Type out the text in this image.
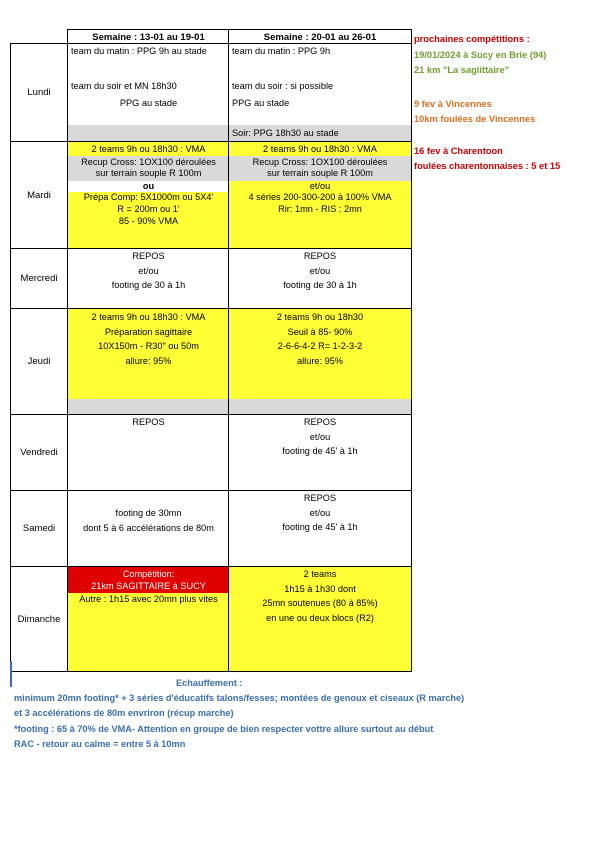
Semaine : 13-01 au 19-01	Semaine : 20-01 au 26-01
Lundi
team du matin : PPG 9h au stade
team du soir et MN 18h30
PPG au stade
team du matin : PPG 9h
team du soir : si possible
PPG au stade
Soir: PPG 18h30 au stade
Mardi
2 teams 9h ou 18h30 : VMA
Recup Cross: 1OX100 déroulées
sur terrain souple R 100m
ou
Prépa Comp: 5X1000m ou 5X4'
R = 200m ou 1'
85 - 90% VMA
2 teams 9h ou 18h30 : VMA
Recup Cross: 1OX100 déroulées
sur terrain souple R 100m
et/ou
4 séries 200-300-200 à 100% VMA
Rir: 1mn - RIS : 2mn
Mercredi
REPOS
et/ou
footing de 30 à 1h
REPOS
et/ou
footing de 30 à 1h
Jeudi
2 teams 9h ou 18h30 : VMA
Préparation sagittaire
10X150m - R30" ou 50m
allure: 95%
2 teams 9h ou 18h30
Seuil à 85- 90%
2-6-6-4-2 R= 1-2-3-2
allure: 95%
Vendredi
REPOS	REPOS
et/ou
footing de 45' à 1h
Samedi
footing de 30mn
dont 5 à 6 accélérations de 80m
REPOS
et/ou
footing de 45' à 1h
Dimanche
Compétition:
21km SAGITTAIRE à SUCY
Autre : 1h15 avec 20mn plus vites
2 teams
1h15 à 1h30 dont
25mn soutenues (80 à 85%)
en une ou deux blocs (R2)
prochaines compétitions :
19/01/2024 à Sucy en Brie (94)
21 km "La sagiittaire"
9 fev à Vincennes
10km foulées de Vincennes
16 fev à Charentoon
foulées charentonnaises : 5 et 15
Echauffement :
minimum 20mn footing* + 3 séries d'éducatifs talons/fesses; montées de genoux et ciseaux (R marche)
et 3 accélérations de 80m envriron (récup marche)
*footing : 65 à 70% de VMA- Attention en groupe de bien respecter vottre allure surtout au début
RAC - retour au calme = entre 5 à 10mn
